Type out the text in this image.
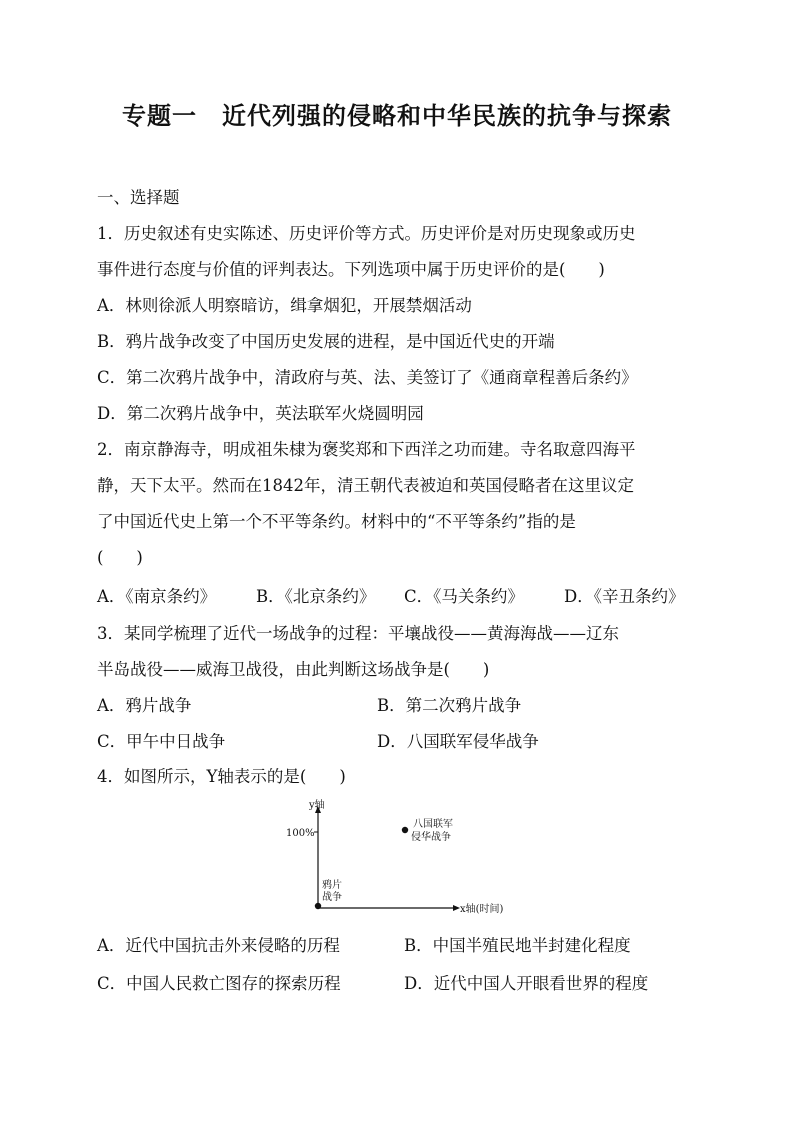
专题一　近代列强的侵略和中华民族的抗争与探索
一、选择题
1．历史叙述有史实陈述、历史评价等方式。历史评价是对历史现象或历史
事件进行态度与价值的评判表达。下列选项中属于历史评价的是(　　)
A．林则徐派人明察暗访，缉拿烟犯，开展禁烟活动
B．鸦片战争改变了中国历史发展的进程，是中国近代史的开端
C．第二次鸦片战争中，清政府与英、法、美签订了《通商章程善后条约》
D．第二次鸦片战争中，英法联军火烧圆明园
2．南京静海寺，明成祖朱棣为褒奖郑和下西洋之功而建。寺名取意四海平
静，天下太平。然而在1842年，清王朝代表被迫和英国侵略者在这里议定
了中国近代史上第一个不平等条约。材料中的“不平等条约”指的是
(　　)
A．《南京条约》 B．《北京条约》 C．《马关条约》 D．《辛丑条约》
3．某同学梳理了近代一场战争的过程：平壤战役——黄海海战——辽东
半岛战役——威海卫战役，由此判断这场战争是(　　)
A．鸦片战争	B．第二次鸦片战争
C．甲午中日战争	D．八国联军侵华战争
4．如图所示，Y轴表示的是(　　)
100%
y轴
x轴(时间)
鸦片
战争
八国联军
侵华战争
A．近代中国抗击外来侵略的历程	B．中国半殖民地半封建化程度
C．中国人民救亡图存的探索历程	D．近代中国人开眼看世界的程度
